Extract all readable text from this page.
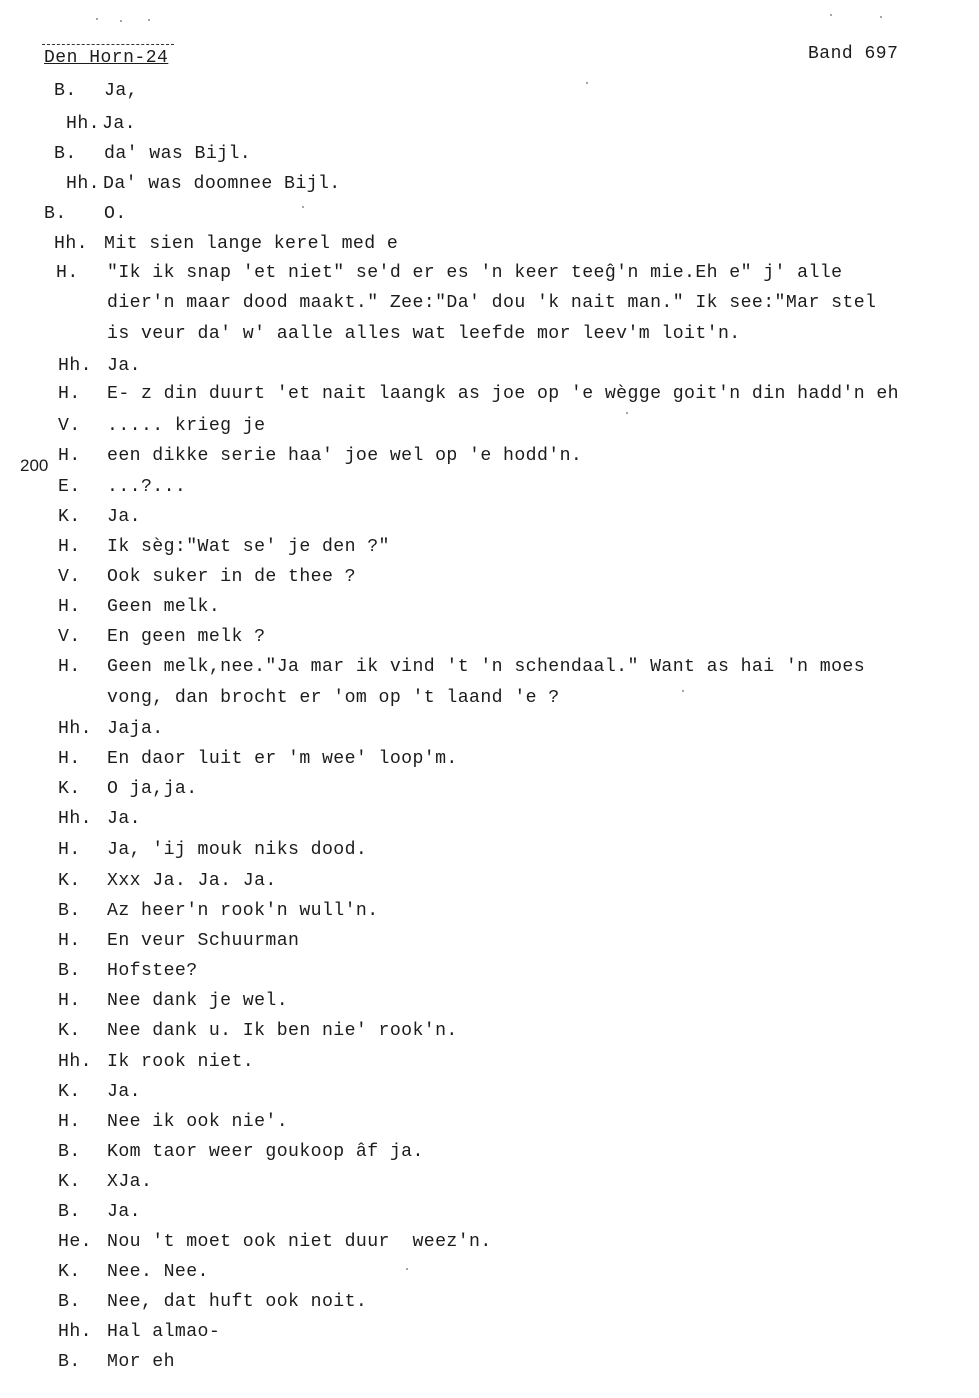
Den Horn-24	Band 697
200
B. Ja,
Hh. Ja.
B. da' was Bijl.
Hh. Da' was doomnee Bijl.
B. O.
Hh. Mit sien lange kerel med e
H. "Ik ik snap 'et niet" se'd er es 'n keer teeĝ'n mie.Eh e" j' alle
dier'n maar dood maakt." Zee:"Da' dou 'k nait man." Ik see:"Mar stel
is veur da' w' aalle alles wat leefde mor leev'm loit'n.
Hh. Ja.
H. E- z din duurt 'et nait laangk as joe op 'e wègge goit'n din hadd'n eh
V. ..... krieg je
H. een dikke serie haa' joe wel op 'e hodd'n.
E. ...?...
K. Ja.
H. Ik sèg:"Wat se' je den ?"
V. Ook suker in de thee ?
H. Geen melk.
V. En geen melk ?
H. Geen melk,nee."Ja mar ik vind 't 'n schendaal." Want as hai 'n moes
vong, dan brocht er 'om op 't laand 'e ?
Hh. Jaja.
H. En daor luit er 'm wee' loop'm.
K. O ja,ja.
Hh. Ja.
H. Ja, 'ij mouk niks dood.
K. Xxx Ja. Ja. Ja.
B. Az heer'n rook'n wull'n.
H. En veur Schuurman
B. Hofstee?
H. Nee dank je wel.
K. Nee dank u. Ik ben nie' rook'n.
Hh. Ik rook niet.
K. Ja.
H. Nee ik ook nie'.
B. Kom taor weer goukoop âf ja.
K. XJa.
B. Ja.
He. Nou 't moet ook niet duur  weez'n.
K. Nee. Nee.
B. Nee, dat huft ook noit.
Hh. Hal almao-
B. Mor eh
